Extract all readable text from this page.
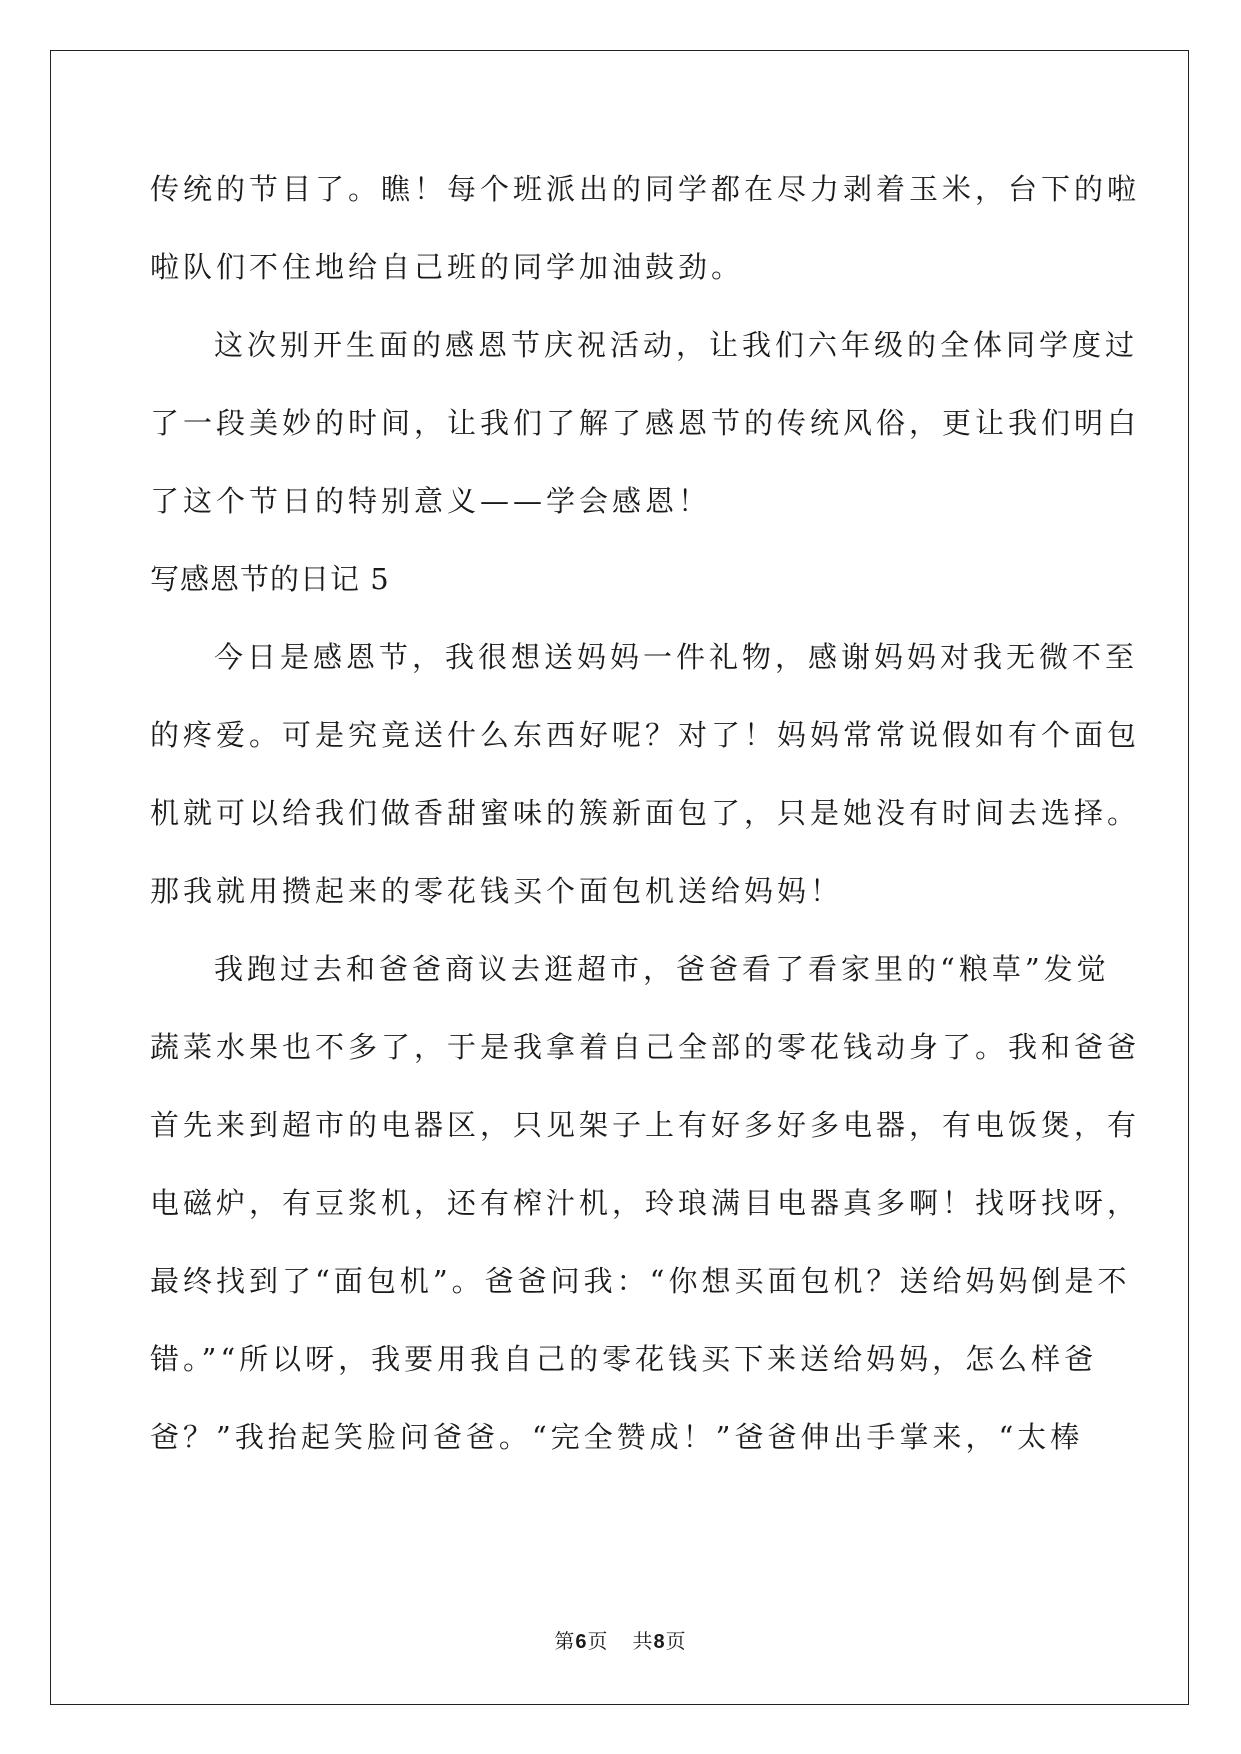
传统的节目了。瞧！每个班派出的同学都在尽力剥着玉米，台下的啦
啦队们不住地给自己班的同学加油鼓劲。
这次别开生面的感恩节庆祝活动，让我们六年级的全体同学度过
了一段美妙的时间，让我们了解了感恩节的传统风俗，更让我们明白
了这个节日的特别意义——学会感恩！
写感恩节的日记 5
今日是感恩节，我很想送妈妈一件礼物，感谢妈妈对我无微不至
的疼爱。可是究竟送什么东西好呢？对了！妈妈常常说假如有个面包
机就可以给我们做香甜蜜味的簇新面包了，只是她没有时间去选择。
那我就用攒起来的零花钱买个面包机送给妈妈！
我跑过去和爸爸商议去逛超市，爸爸看了看家里的“粮草”发觉
蔬菜水果也不多了，于是我拿着自己全部的零花钱动身了。我和爸爸
首先来到超市的电器区，只见架子上有好多好多电器，有电饭煲，有
电磁炉，有豆浆机，还有榨汁机，玲琅满目电器真多啊！找呀找呀，
最终找到了“面包机”。爸爸问我：“你想买面包机？送给妈妈倒是不
错。”“所以呀，我要用我自己的零花钱买下来送给妈妈，怎么样爸
爸？”我抬起笑脸问爸爸。“完全赞成！”爸爸伸出手掌来，“太棒
第6页 共8页
